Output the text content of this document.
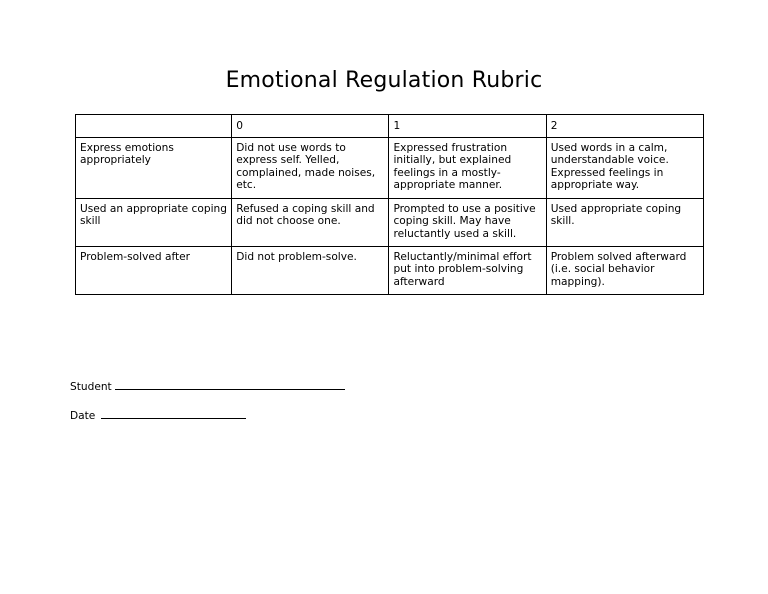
Emotional Regulation Rubric
	0	1	2
Express emotions appropriately	Did not use words to express self. Yelled, complained, made noises, etc.	Expressed frustration initially, but explained feelings in a mostly-appropriate manner.	Used words in a calm, understandable voice. Expressed feelings in appropriate way.
Used an appropriate coping skill	Refused a coping skill and did not choose one.	Prompted to use a positive coping skill. May have reluctantly used a skill.	Used appropriate coping skill.
Problem-solved after	Did not problem-solve.	Reluctantly/minimal effort put into problem-solving afterward	Problem solved afterward (i.e. social behavior mapping).
Student
Date
